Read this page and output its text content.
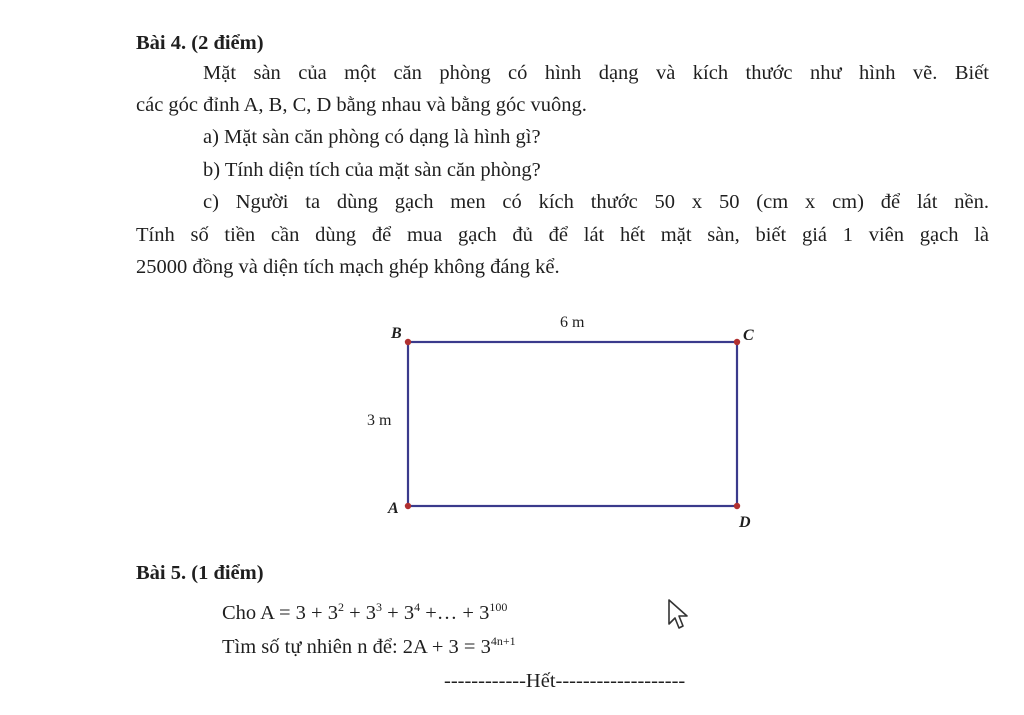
Bài 4. (2 điểm)
Mặt sàn của một căn phòng có hình dạng và kích thước như hình vẽ. Biết
các góc đỉnh A, B, C, D bằng nhau và bằng góc vuông.
a) Mặt sàn căn phòng có dạng là hình gì?
b) Tính diện tích của mặt sàn căn phòng?
c) Người ta dùng gạch men có kích thước 50 x 50 (cm x cm) để lát nền.
Tính số tiền cần dùng để mua gạch đủ để lát hết mặt sàn, biết giá 1 viên gạch là
25000 đồng và diện tích mạch ghép không đáng kể.
B	C
A
D
6 m
3 m
Bài 5. (1 điểm)
Cho $A = 3 + 3^2 + 3^3 + 3^4$ +… + $3^{100}$
Tìm số tự nhiên n để: $2A + 3 = 3^{4n+1}$
------------Hết-------------------
